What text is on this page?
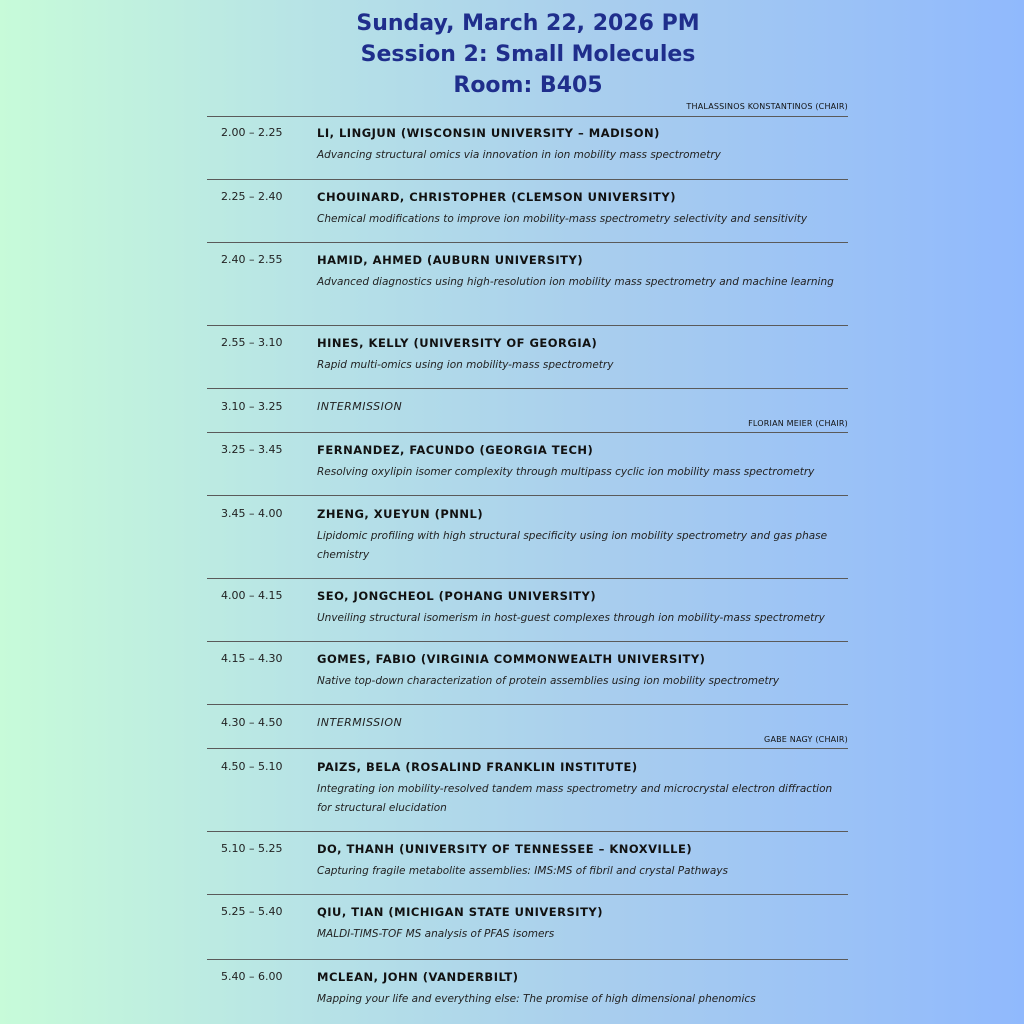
Sunday, March 22, 2026 PM
Session 2: Small Molecules
Room: B405
THALASSINOS KONSTANTINOS (CHAIR)
2.00 – 2.25	LI, LINGJUN (WISCONSIN UNIVERSITY – MADISON)
Advancing structural omics via innovation in ion mobility mass spectrometry
2.25 – 2.40	CHOUINARD, CHRISTOPHER (CLEMSON UNIVERSITY)
Chemical modifications to improve ion mobility-mass spectrometry selectivity and sensitivity
2.40 – 2.55	HAMID, AHMED (AUBURN UNIVERSITY)
Advanced diagnostics using high-resolution ion mobility mass spectrometry and machine learning
2.55 – 3.10	HINES, KELLY (UNIVERSITY OF GEORGIA)
Rapid multi-omics using ion mobility-mass spectrometry
3.10 – 3.25	INTERMISSION
FLORIAN MEIER (CHAIR)
3.25 – 3.45	FERNANDEZ, FACUNDO (GEORGIA TECH)
Resolving oxylipin isomer complexity through multipass cyclic ion mobility mass spectrometry
3.45 – 4.00	ZHENG, XUEYUN (PNNL)
Lipidomic profiling with high structural specificity using ion mobility spectrometry and gas phase chemistry
4.00 – 4.15	SEO, JONGCHEOL (POHANG UNIVERSITY)
Unveiling structural isomerism in host-guest complexes through ion mobility-mass spectrometry
4.15 – 4.30	GOMES, FABIO (VIRGINIA COMMONWEALTH UNIVERSITY)
Native top-down characterization of protein assemblies using ion mobility spectrometry
4.30 – 4.50	INTERMISSION
GABE NAGY (CHAIR)
4.50 – 5.10	PAIZS, BELA (ROSALIND FRANKLIN INSTITUTE)
Integrating ion mobility-resolved tandem mass spectrometry and microcrystal electron diffraction for structural elucidation
5.10 – 5.25	DO, THANH (UNIVERSITY OF TENNESSEE – KNOXVILLE)
Capturing fragile metabolite assemblies: IMS:MS of fibril and crystal Pathways
5.25 – 5.40	QIU, TIAN (MICHIGAN STATE UNIVERSITY)
MALDI-TIMS-TOF MS analysis of PFAS isomers
5.40 – 6.00	MCLEAN, JOHN (VANDERBILT)
Mapping your life and everything else: The promise of high dimensional phenomics
